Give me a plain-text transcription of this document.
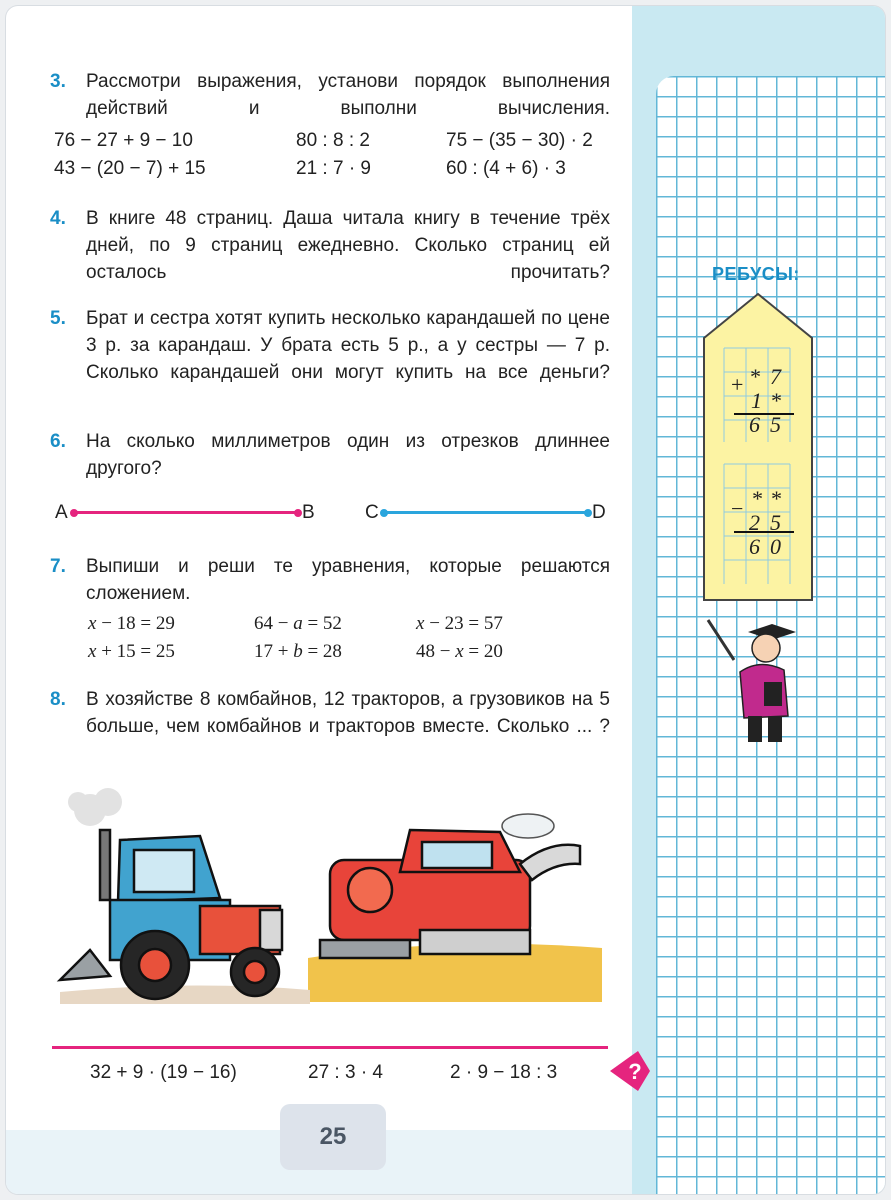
3. Рассмотри выражения, установи порядок выполнения действий и выполни вычисления.
76 − 27 + 9 − 10	80 : 8 : 2	75 − (35 − 30) · 2
43 − (20 − 7) + 15	21 : 7 · 9	60 : (4 + 6) · 3
4. В книге 48 страниц. Даша читала книгу в течение трёх дней, по 9 страниц ежедневно. Сколько страниц ей осталось прочитать?
5. Брат и сестра хотят купить несколько карандашей по цене 3 р. за карандаш. У брата есть 5 р., а у сестры — 7 р. Сколько карандашей они могут купить на все деньги?
6. На сколько миллиметров один из отрезков длиннее другого?
A	B	C	D
7. Выпиши и реши те уравнения, которые решаются сложением.
x − 18 = 29	64 − a = 52	x − 23 = 57
x + 15 = 25	17 + b = 28	48 − x = 20
8. В хозяйстве 8 комбайнов, 12 тракторов, а грузовиков на 5 больше, чем комбайнов и тракторов вместе. Сколько ... ?
32 + 9 · (19 − 16)	27 : 3 · 4	2 · 9 − 18 : 3	?
25
РЕБУСЫ:
+ * 7
1 *
6 5
− * *
2 5
6 0
